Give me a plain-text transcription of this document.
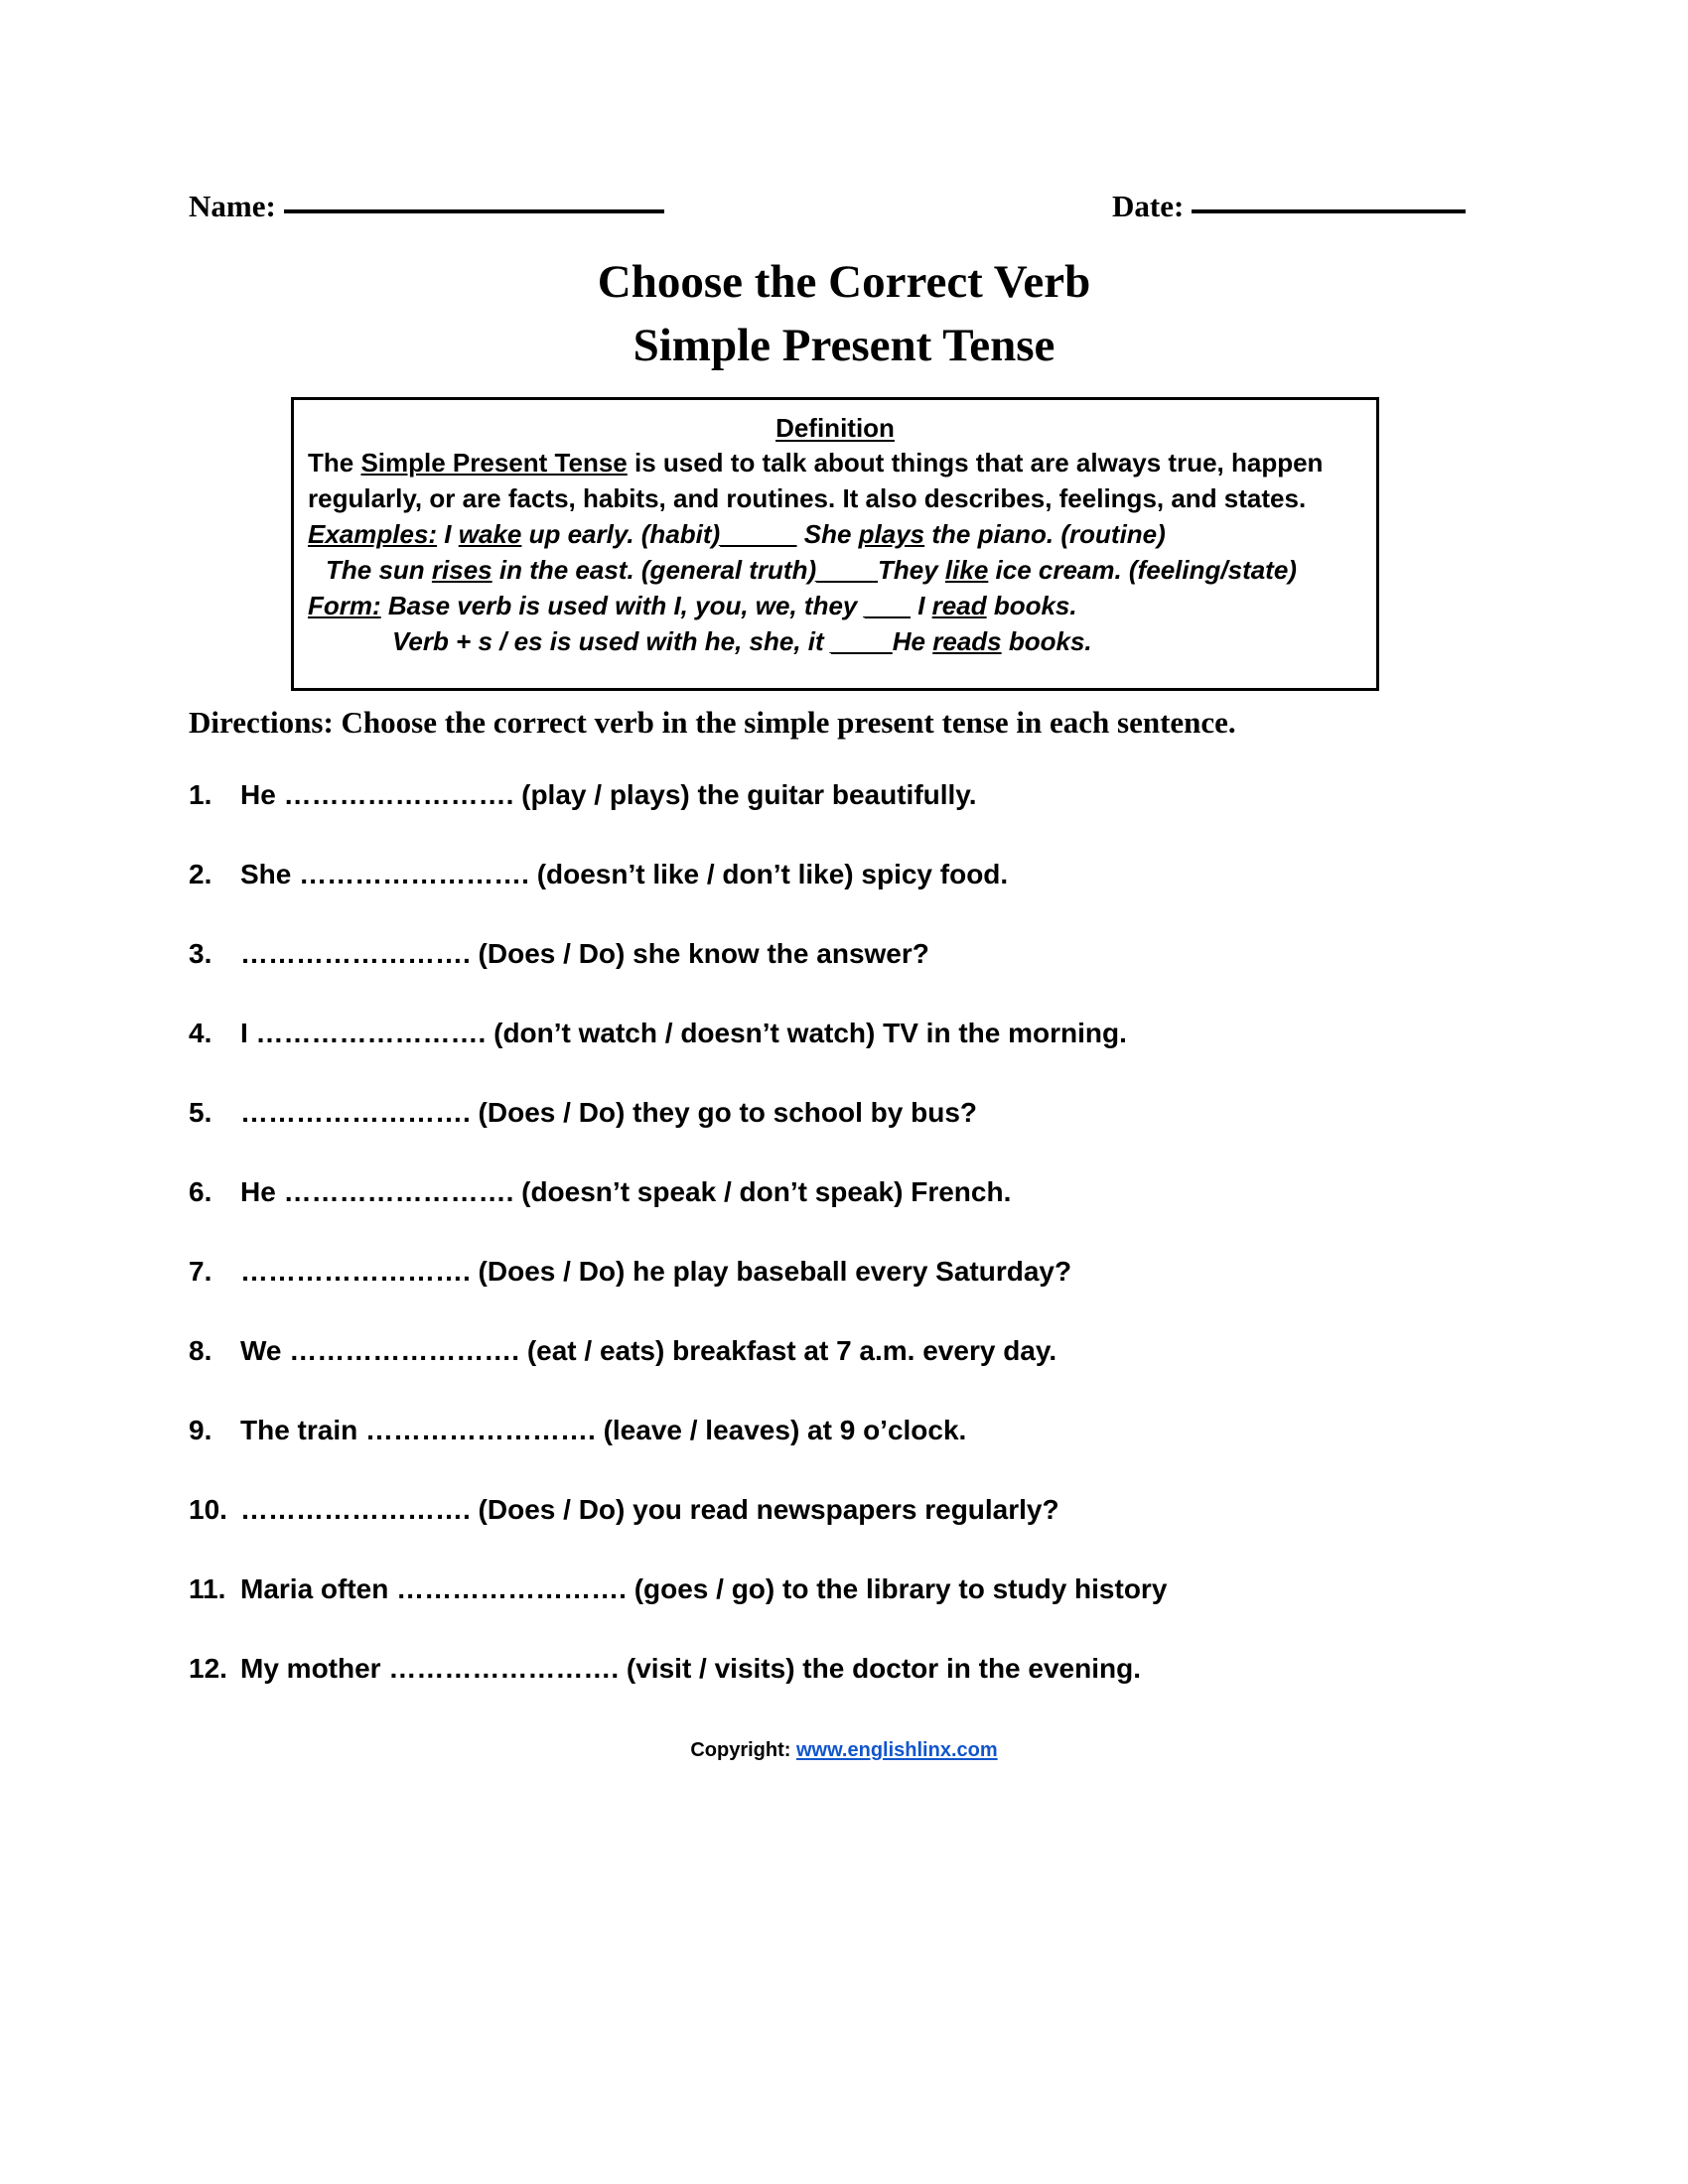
Name:	Date:
Choose the Correct Verb
Simple Present Tense
Definition
The Simple Present Tense is used to talk about things that are always true, happen
regularly, or are facts, habits, and routines. It also describes, feelings, and states.
Examples: I wake up early. (habit)_____ She plays the piano. (routine)
The sun rises in the east. (general truth)____They like ice cream. (feeling/state)
Form: Base verb is used with I, you, we, they ___ I read books.
Verb + s / es is used with he, she, it ____He reads books.
Directions: Choose the correct verb in the simple present tense in each sentence.
1.	He ……………………. (play / plays) the guitar beautifully.
2.	She ……………………. (doesn’t like / don’t like) spicy food.
3.	……………………. (Does / Do) she know the answer?
4.	I ……………………. (don’t watch / doesn’t watch) TV in the morning.
5.	……………………. (Does / Do) they go to school by bus?
6.	He ……………………. (doesn’t speak / don’t speak) French.
7.	……………………. (Does / Do) he play baseball every Saturday?
8.	We ……………………. (eat / eats) breakfast at 7 a.m. every day.
9.	The train ……………………. (leave / leaves) at 9 o’clock.
10. ……………………. (Does / Do) you read newspapers regularly?
11. Maria often ……………………. (goes / go) to the library to study history
12. My mother ……………………. (visit / visits) the doctor in the evening.
Copyright: www.englishlinx.com
